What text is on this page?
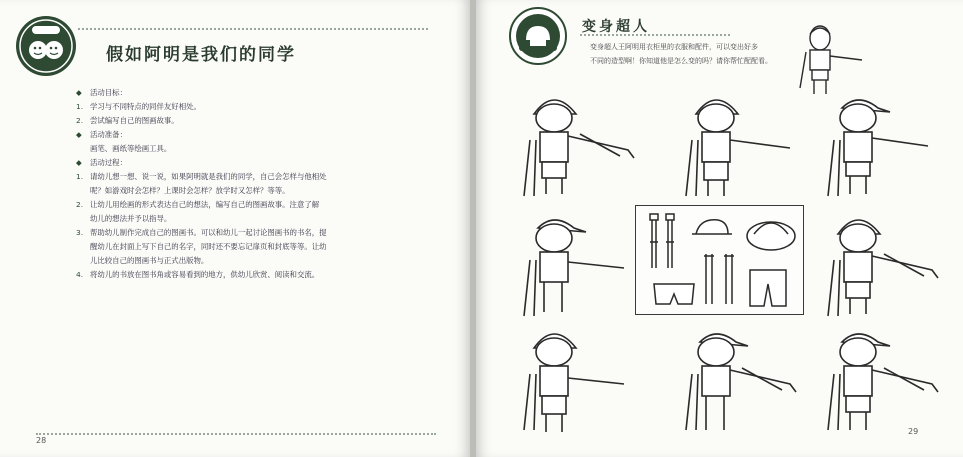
假如阿明是我们的同学
◆	活动目标：
1. 学习与不同特点的同伴友好相处。
2. 尝试编写自己的图画故事。
◆	活动准备：
画笔、画纸等绘画工具。
◆	活动过程：
1. 请幼儿想一想、说一说，如果阿明就是我们的同学，自己会怎样与他相处
呢？如游戏时会怎样？上课时会怎样？放学时又怎样？等等。
2. 让幼儿用绘画的形式表达自己的想法，编写自己的图画故事。注意了解
幼儿的想法并予以指导。
3. 帮助幼儿制作完成自己的图画书。可以和幼儿一起讨论图画书的书名，提
醒幼儿在封面上写下自己的名字，同时还不要忘记扉页和封底等等。让幼
儿比较自己的图画书与正式出版物。
4. 将幼儿的书放在图书角或容易看到的地方，供幼儿欣赏、阅读和交流。
28
变身超人
变身超人王阿明用衣柜里的衣服和配件，可以变出好多
不同的造型啊！你知道他是怎么变的吗？请你帮忙配配看。
29
